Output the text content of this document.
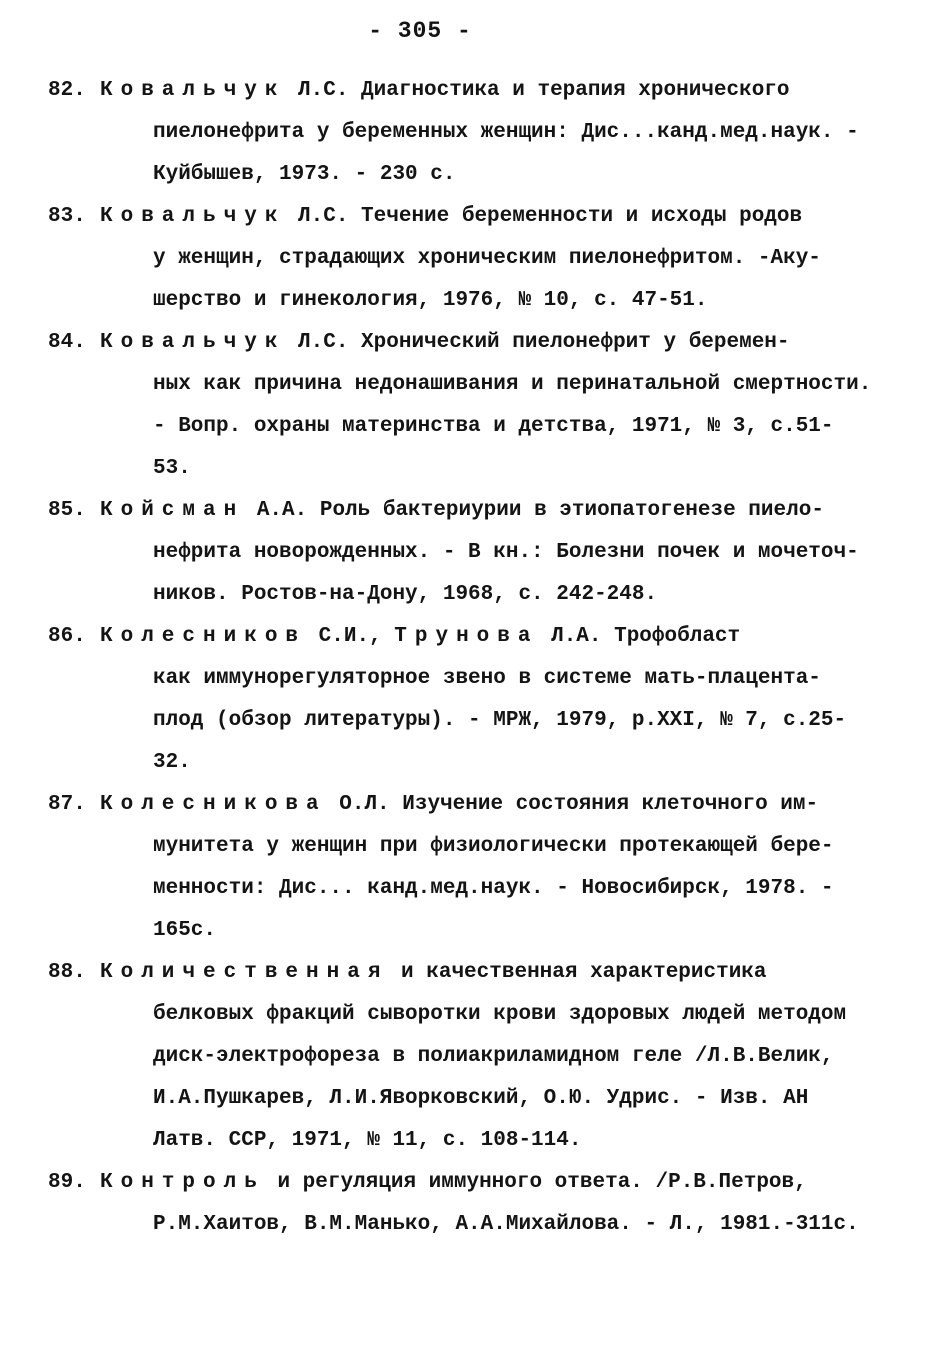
- 305 -
82. Ковальчук Л.С. Диагностика и терапия хронического
пиелонефрита у беременных женщин: Дис...канд.мед.наук. -
Куйбышев, 1973. - 230 с.
83. Ковальчук Л.С. Течение беременности и исходы родов
у женщин, страдающих хроническим пиелонефритом. -Аку-
шерство и гинекология, 1976, № 10, с. 47-51.
84. Ковальчук Л.С. Хронический пиелонефрит у беремен-
ных как причина недонашивания и перинатальной смертности.
- Вопр. охраны материнства и детства, 1971, № 3, с.51-
53.
85. Койсман А.А. Роль бактериурии в этиопатогенезе пиело-
нефрита новорожденных. - В кн.: Болезни почек и мочеточ-
ников. Ростов-на-Дону, 1968, с. 242-248.
86. Колесников С.И., Трунова Л.А. Трофобласт
как иммунорегуляторное звено в системе мать-плацента-
плод (обзор литературы). - МРЖ, 1979, р.XXI, № 7, с.25-
32.
87. Колесникова О.Л. Изучение состояния клеточного им-
мунитета у женщин при физиологически протекающей бере-
менности: Дис... канд.мед.наук. - Новосибирск, 1978. -
165с.
88. Количественная и качественная характеристика
белковых фракций сыворотки крови здоровых людей методом
диск-электрофореза в полиакриламидном геле /Л.В.Велик,
И.А.Пушкарев, Л.И.Яворковский, О.Ю. Удрис. - Изв. АН
Латв. ССР, 1971, № 11, с. 108-114.
89. Контроль и регуляция иммунного ответа. /Р.В.Петров,
Р.М.Хаитов, В.М.Манько, А.А.Михайлова. - Л., 1981.-311с.
